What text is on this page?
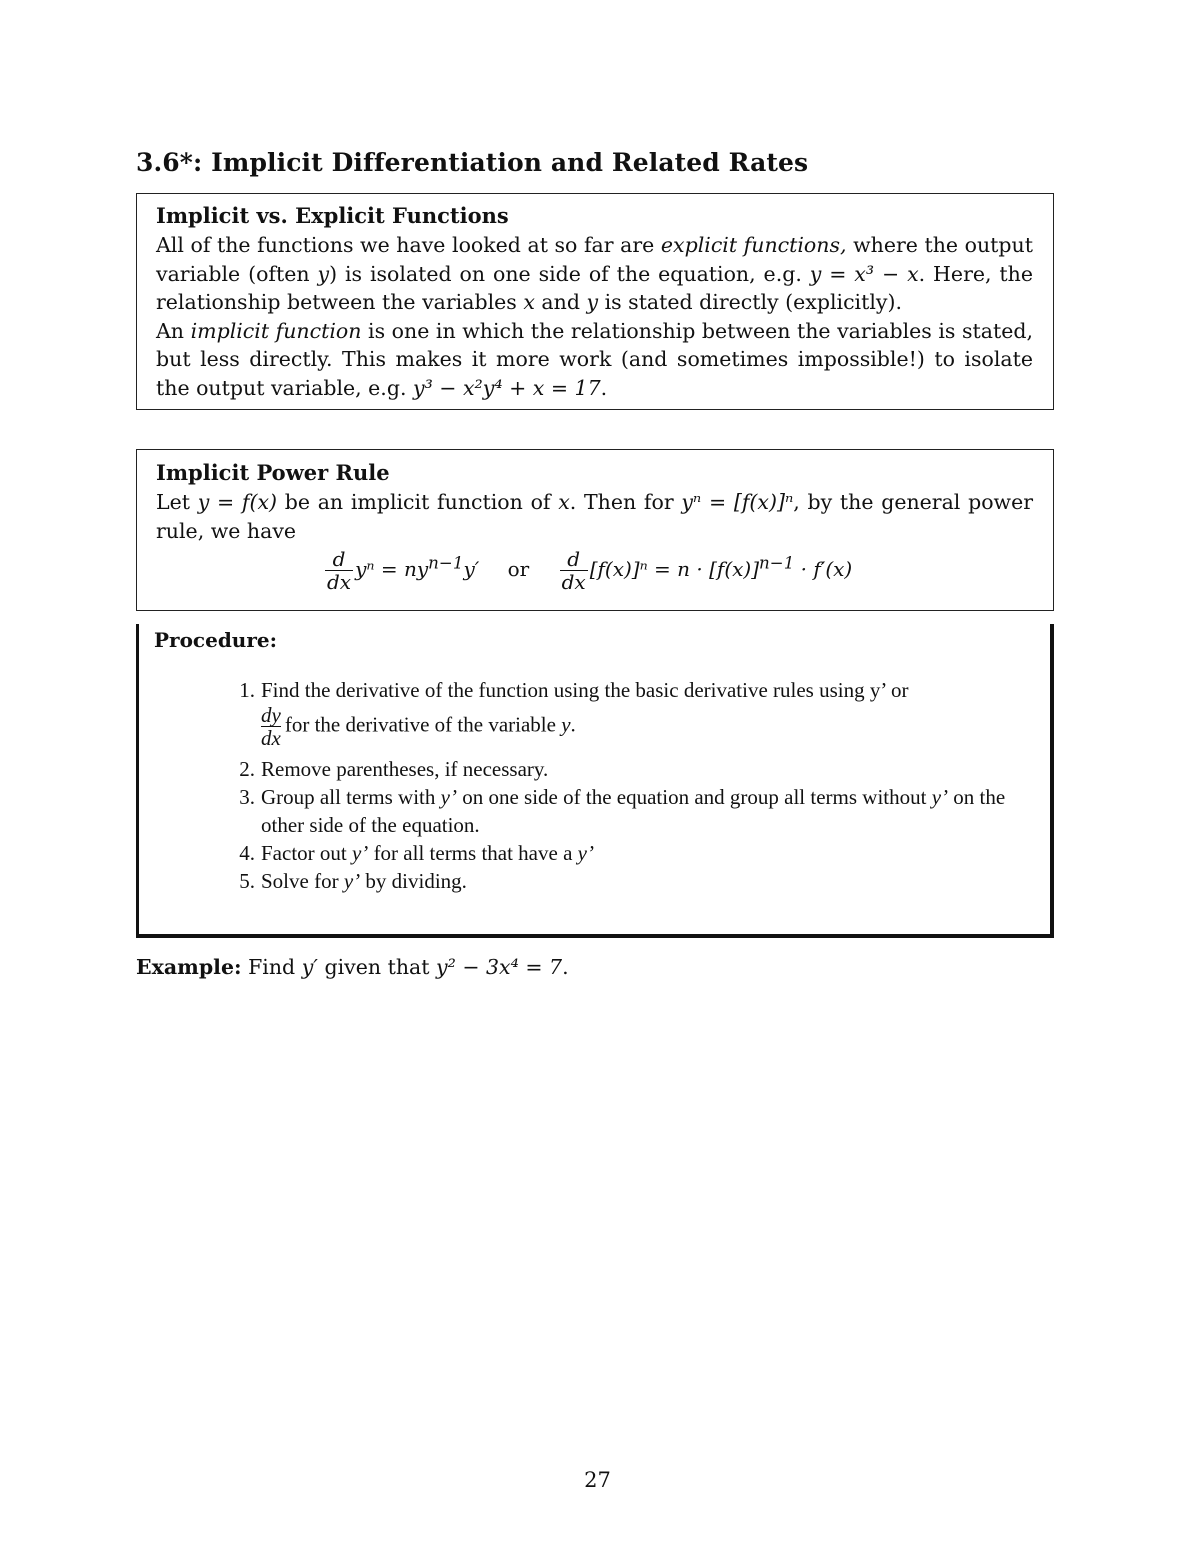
3.6*: Implicit Differentiation and Related Rates
Implicit vs. Explicit Functions
All of the functions we have looked at so far are explicit functions, where the output variable (often y) is isolated on one side of the equation, e.g. y = x³ − x. Here, the relationship between the variables x and y is stated directly (explicitly).
An implicit function is one in which the relationship between the variables is stated, but less directly. This makes it more work (and sometimes impossible!) to isolate the output variable, e.g. y³ − x²y⁴ + x = 17.
Implicit Power Rule
Let y = f(x) be an implicit function of x. Then for yⁿ = [f(x)]ⁿ, by the general power rule, we have
$\frac{d}{dx}$ $y^n = ny^{n-1}y'$ or $\frac{d}{dx} [f(x)]^n = n \cdot [f(x)]^{n-1} \cdot f'(x)$
Procedure:
1. Find the derivative of the function using the basic derivative rules using y’ or

$\frac{dy}{dx}$ for the derivative of the variable y.
2. Remove parentheses, if necessary.
3. Group all terms with y’ on one side of the equation and group all terms without y’ on the other side of the equation.
4. Factor out y’ for all terms that have a y’
5. Solve for y’ by dividing.
Example: Find y′ given that y² − 3x⁴ = 7.
27
